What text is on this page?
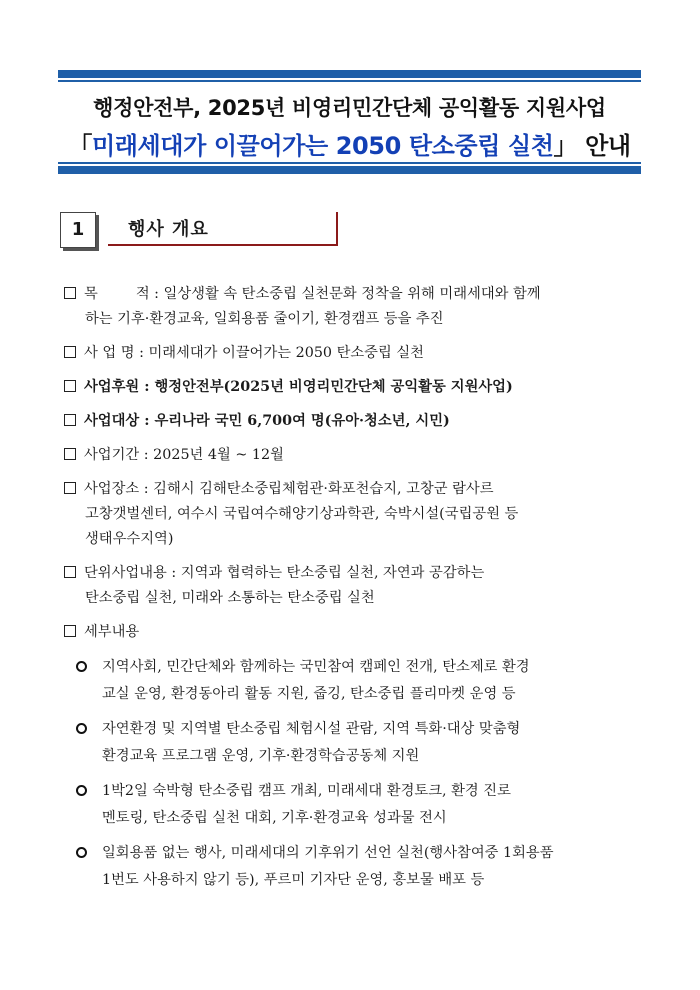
행정안전부, 2025년 비영리민간단체 공익활동 지원사업
「미래세대가 이끌어가는 2050 탄소중립 실천」 안내
1	행사 개요
목	적 : 일상생활 속 탄소중립 실천문화 정착을 위해 미래세대와 함께
하는 기후·환경교육, 일회용품 줄이기, 환경캠프 등을 추진
사 업 명 : 미래세대가 이끌어가는 2050 탄소중립 실천
사업후원 : 행정안전부(2025년 비영리민간단체 공익활동 지원사업)
사업대상 : 우리나라 국민 6,700여 명(유아·청소년, 시민)
사업기간 : 2025년 4월 ~ 12월
사업장소 : 김해시 김해탄소중립체험관·화포천습지, 고창군 람사르
고창갯벌센터, 여수시 국립여수해양기상과학관, 숙박시설(국립공원 등
생태우수지역)
단위사업내용 : 지역과 협력하는 탄소중립 실천, 자연과 공감하는
탄소중립 실천, 미래와 소통하는 탄소중립 실천
세부내용
지역사회, 민간단체와 함께하는 국민참여 캠페인 전개, 탄소제로 환경
교실 운영, 환경동아리 활동 지원, 줍깅, 탄소중립 플리마켓 운영 등
자연환경 및 지역별 탄소중립 체험시설 관람, 지역 특화·대상 맞춤형
환경교육 프로그램 운영, 기후·환경학습공동체 지원
1박2일 숙박형 탄소중립 캠프 개최, 미래세대 환경토크, 환경 진로
멘토링, 탄소중립 실천 대회, 기후·환경교육 성과물 전시
일회용품 없는 행사, 미래세대의 기후위기 선언 실천(행사참여중 1회용품
1번도 사용하지 않기 등), 푸르미 기자단 운영, 홍보물 배포 등
